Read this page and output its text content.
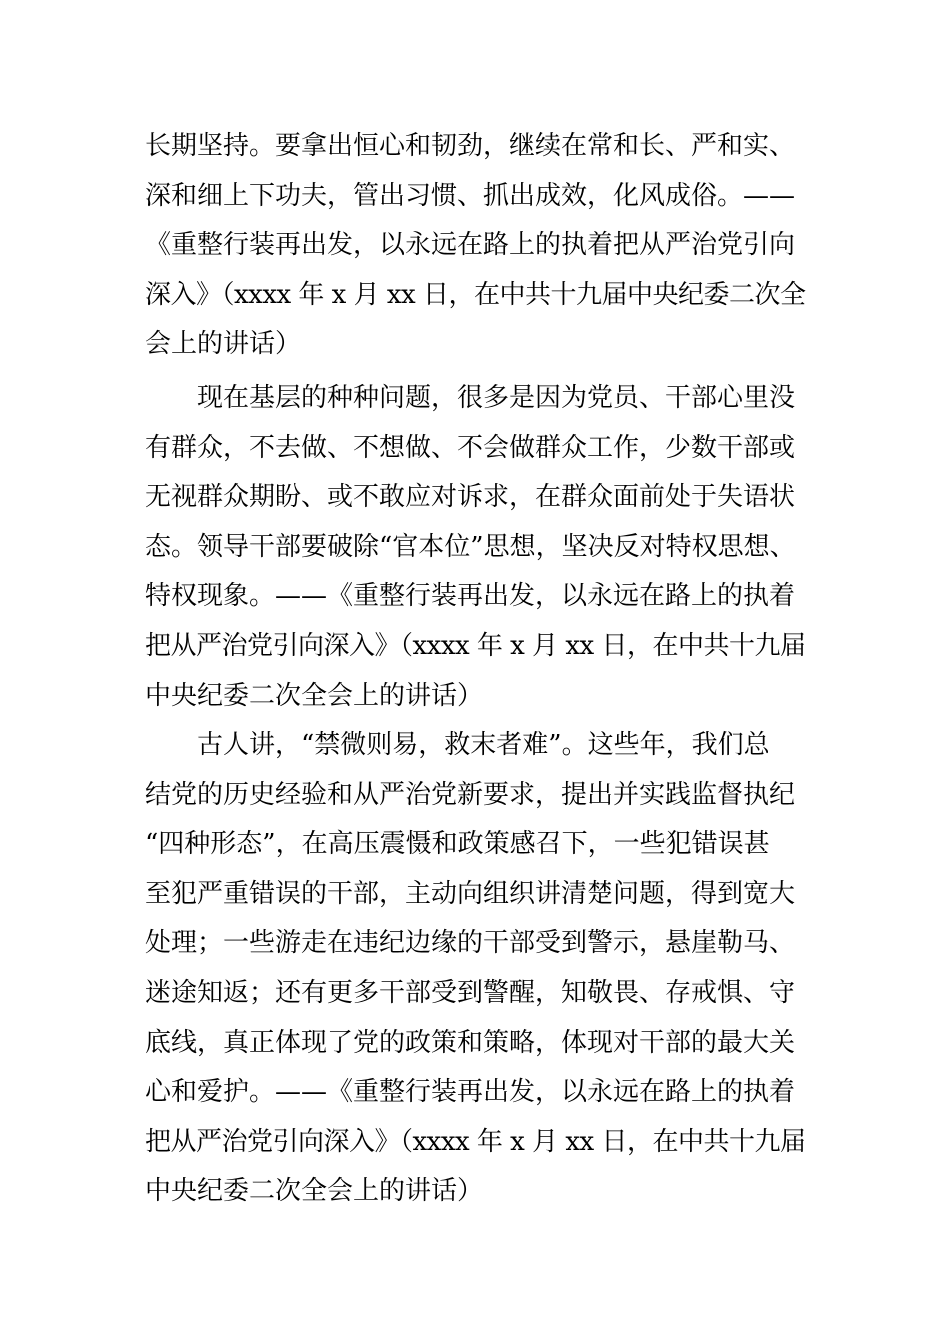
长期坚持。要拿出恒心和韧劲，继续在常和长、严和实、
深和细上下功夫，管出习惯、抓出成效，化风成俗。——
《重整行装再出发，以永远在路上的执着把从严治党引向
深入》（xxxx 年 x 月 xx 日，在中共十九届中央纪委二次全
会上的讲话）
现在基层的种种问题，很多是因为党员、干部心里没
有群众，不去做、不想做、不会做群众工作，少数干部或
无视群众期盼、或不敢应对诉求，在群众面前处于失语状
态。领导干部要破除“官本位”思想，坚决反对特权思想、
特权现象。——《重整行装再出发，以永远在路上的执着
把从严治党引向深入》（xxxx 年 x 月 xx 日，在中共十九届
中央纪委二次全会上的讲话）
古人讲，“禁微则易，救末者难”。这些年，我们总
结党的历史经验和从严治党新要求，提出并实践监督执纪
“四种形态”，在高压震慑和政策感召下，一些犯错误甚
至犯严重错误的干部，主动向组织讲清楚问题，得到宽大
处理；一些游走在违纪边缘的干部受到警示，悬崖勒马、
迷途知返；还有更多干部受到警醒，知敬畏、存戒惧、守
底线，真正体现了党的政策和策略，体现对干部的最大关
心和爱护。——《重整行装再出发，以永远在路上的执着
把从严治党引向深入》（xxxx 年 x 月 xx 日，在中共十九届
中央纪委二次全会上的讲话）
